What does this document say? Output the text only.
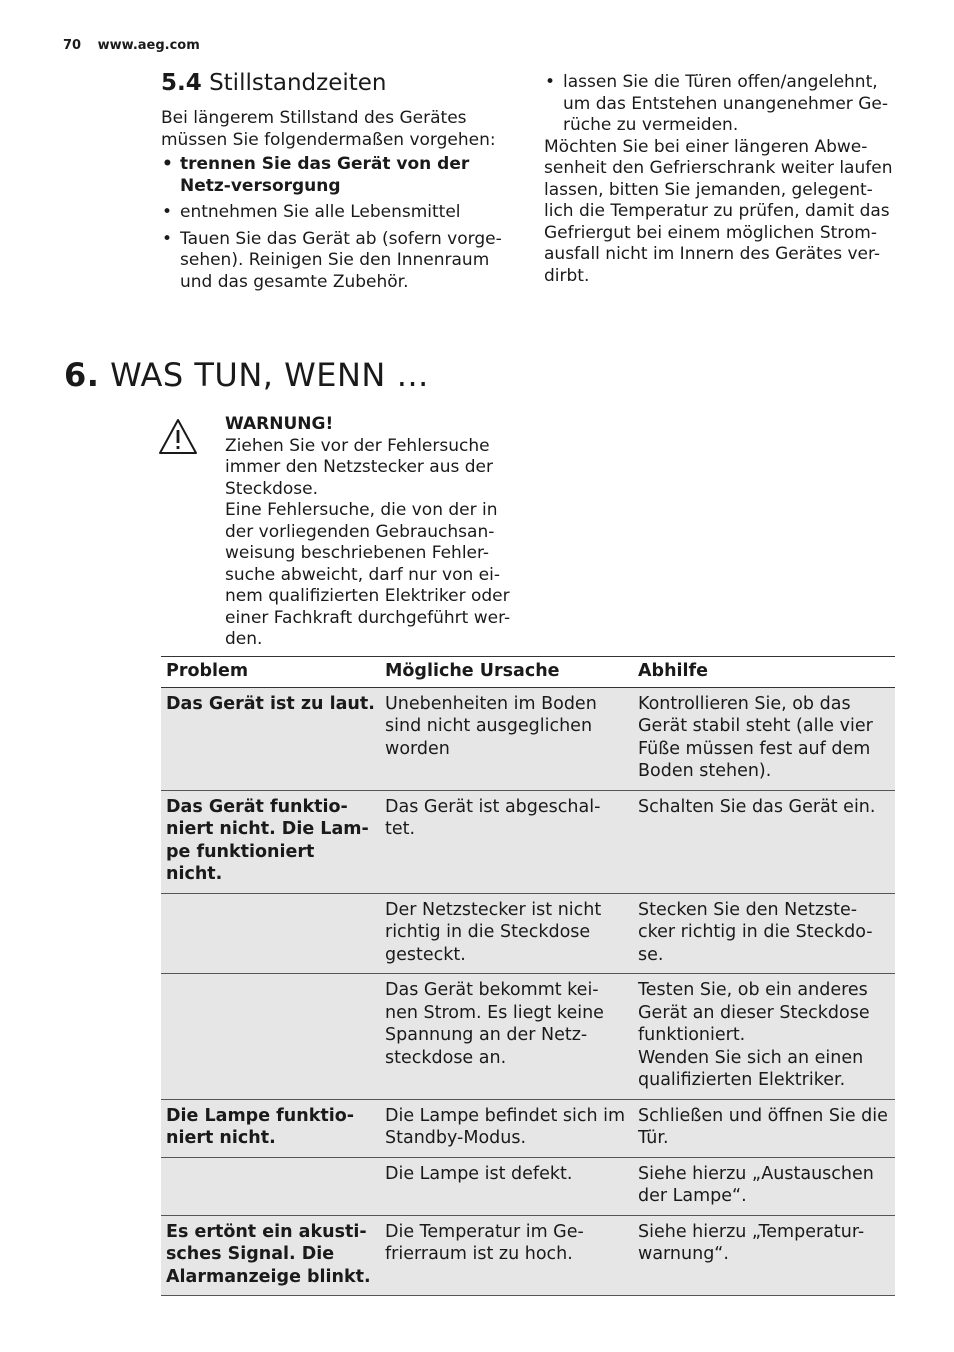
70 www.aeg.com
5.4 Stillstandzeiten

Bei längerem Stillstand des Gerätes müssen Sie folgendermaßen vorgehen:

• trennen Sie das Gerät von der Netz-versorgung
• entnehmen Sie alle Lebensmittel
• Tauen Sie das Gerät ab (sofern vorge-sehen). Reinigen Sie den Innenraum und das gesamte Zubehör.
• lassen Sie die Türen offen/angelehnt, um das Entstehen unangenehmer Ge-rüche zu vermeiden.

Möchten Sie bei einer längeren Abwe-senheit den Gefrierschrank weiter laufen lassen, bitten Sie jemanden, gelegent-lich die Temperatur zu prüfen, damit das Gefriergut bei einem möglichen Strom-ausfall nicht im Innern des Gerätes ver-dirbt.

6. WAS TUN, WENN …
WARNUNG!

Ziehen Sie vor der Fehlersuche immer den Netzstecker aus der Steckdose.

Eine Fehlersuche, die von der in der vorliegenden Gebrauchsan-weisung beschriebenen Fehler-suche abweicht, darf nur von ei-nem qualifizierten Elektriker oder einer Fachkraft durchgeführt wer-den.

Problem	Mögliche Ursache	Abhilfe
Das Gerät ist zu laut.	Unebenheiten im Boden sind nicht ausgeglichen worden	Kontrollieren Sie, ob das Gerät stabil steht (alle vier Füße müssen fest auf dem Boden stehen).
Das Gerät funktio-niert nicht. Die Lam-pe funktioniert nicht.	Das Gerät ist abgeschal-tet.	Schalten Sie das Gerät ein.
	Der Netzstecker ist nicht richtig in die Steckdose gesteckt.	Stecken Sie den Netzste-cker richtig in die Steckdo-se.
	Das Gerät bekommt kei-nen Strom. Es liegt keine Spannung an der Netz-steckdose an.	Testen Sie, ob ein anderes Gerät an dieser Steckdose funktioniert.
Wenden Sie sich an einen qualifizierten Elektriker.
Die Lampe funktio-niert nicht.	Die Lampe befindet sich im Standby-Modus.	Schließen und öffnen Sie die Tür.
	Die Lampe ist defekt.	Siehe hierzu „Austauschen der Lampe“.
Es ertönt ein akusti-sches Signal. Die Alarmanzeige blinkt.	Die Temperatur im Ge-frierraum ist zu hoch.	Siehe hierzu „Temperatur-warnung“.
